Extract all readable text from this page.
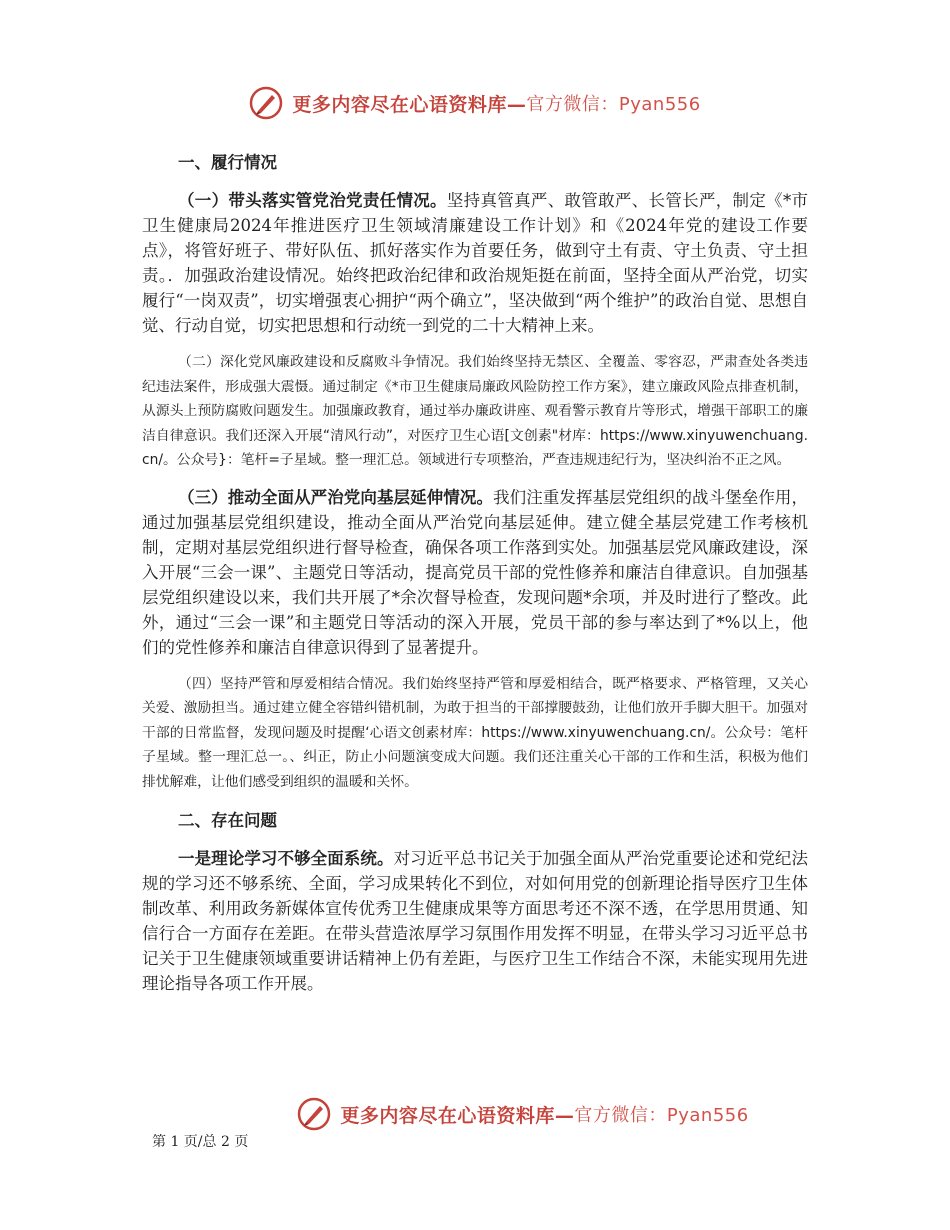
更多内容尽在心语资料库—官方微信：Pyan556
一、履行情况

（一）带头落实管党治党责任情况。坚持真管真严、敢管敢严、长管长严，制定《*市卫生健康局2024年推进医疗卫生领域清廉建设工作计划》和《2024年党的建设工作要点》，将管好班子、带好队伍、抓好落实作为首要任务，做到守土有责、守土负责、守土担责。．加强政治建设情况。始终把政治纪律和政治规矩挺在前面，坚持全面从严治党，切实履行“一岗双责”，切实增强衷心拥护“两个确立”，坚决做到“两个维护”的政治自觉、思想自觉、行动自觉，切实把思想和行动统一到党的二十大精神上来。

（二）深化党风廉政建设和反腐败斗争情况。我们始终坚持无禁区、全覆盖、零容忍，严肃查处各类违纪违法案件，形成强大震慑。通过制定《*市卫生健康局廉政风险防控工作方案》，建立廉政风险点排查机制，从源头上预防腐败问题发生。加强廉政教育，通过举办廉政讲座、观看警示教育片等形式，增强干部职工的廉洁自律意识。我们还深入开展“清风行动”，对医疗卫生心语[文创素"材库：https://www.xinyuwenchuang.cn/。公众号}：笔杆=子星域。整一理汇总。领域进行专项整治，严查违规违纪行为，坚决纠治不正之风。

（三）推动全面从严治党向基层延伸情况。我们注重发挥基层党组织的战斗堡垒作用，通过加强基层党组织建设，推动全面从严治党向基层延伸。建立健全基层党建工作考核机制，定期对基层党组织进行督导检查，确保各项工作落到实处。加强基层党风廉政建设，深入开展“三会一课”、主题党日等活动，提高党员干部的党性修养和廉洁自律意识。自加强基层党组织建设以来，我们共开展了*余次督导检查，发现问题*余项，并及时进行了整改。此外，通过“三会一课”和主题党日等活动的深入开展，党员干部的参与率达到了*%以上，他们的党性修养和廉洁自律意识得到了显著提升。

（四）坚持严管和厚爱相结合情况。我们始终坚持严管和厚爱相结合，既严格要求、严格管理，又关心关爱、激励担当。通过建立健全容错纠错机制，为敢于担当的干部撑腰鼓劲，让他们放开手脚大胆干。加强对干部的日常监督，发现问题及时提醒‘心语文创素材库：https://www.xinyuwenchuang.cn/。公众号：笔杆子星域。整一理汇总一。、纠正，防止小问题演变成大问题。我们还注重关心干部的工作和生活，积极为他们排忧解难，让他们感受到组织的温暖和关怀。

二、存在问题

一是理论学习不够全面系统。对习近平总书记关于加强全面从严治党重要论述和党纪法规的学习还不够系统、全面，学习成果转化不到位，对如何用党的创新理论指导医疗卫生体制改革、利用政务新媒体宣传优秀卫生健康成果等方面思考还不深不透，在学思用贯通、知信行合一方面存在差距。在带头营造浓厚学习氛围作用发挥不明显，在带头学习习近平总书记关于卫生健康领域重要讲话精神上仍有差距，与医疗卫生工作结合不深，未能实现用先进理论指导各项工作开展。

更多内容尽在心语资料库—官方微信：Pyan556
第 1 页/总 2 页
